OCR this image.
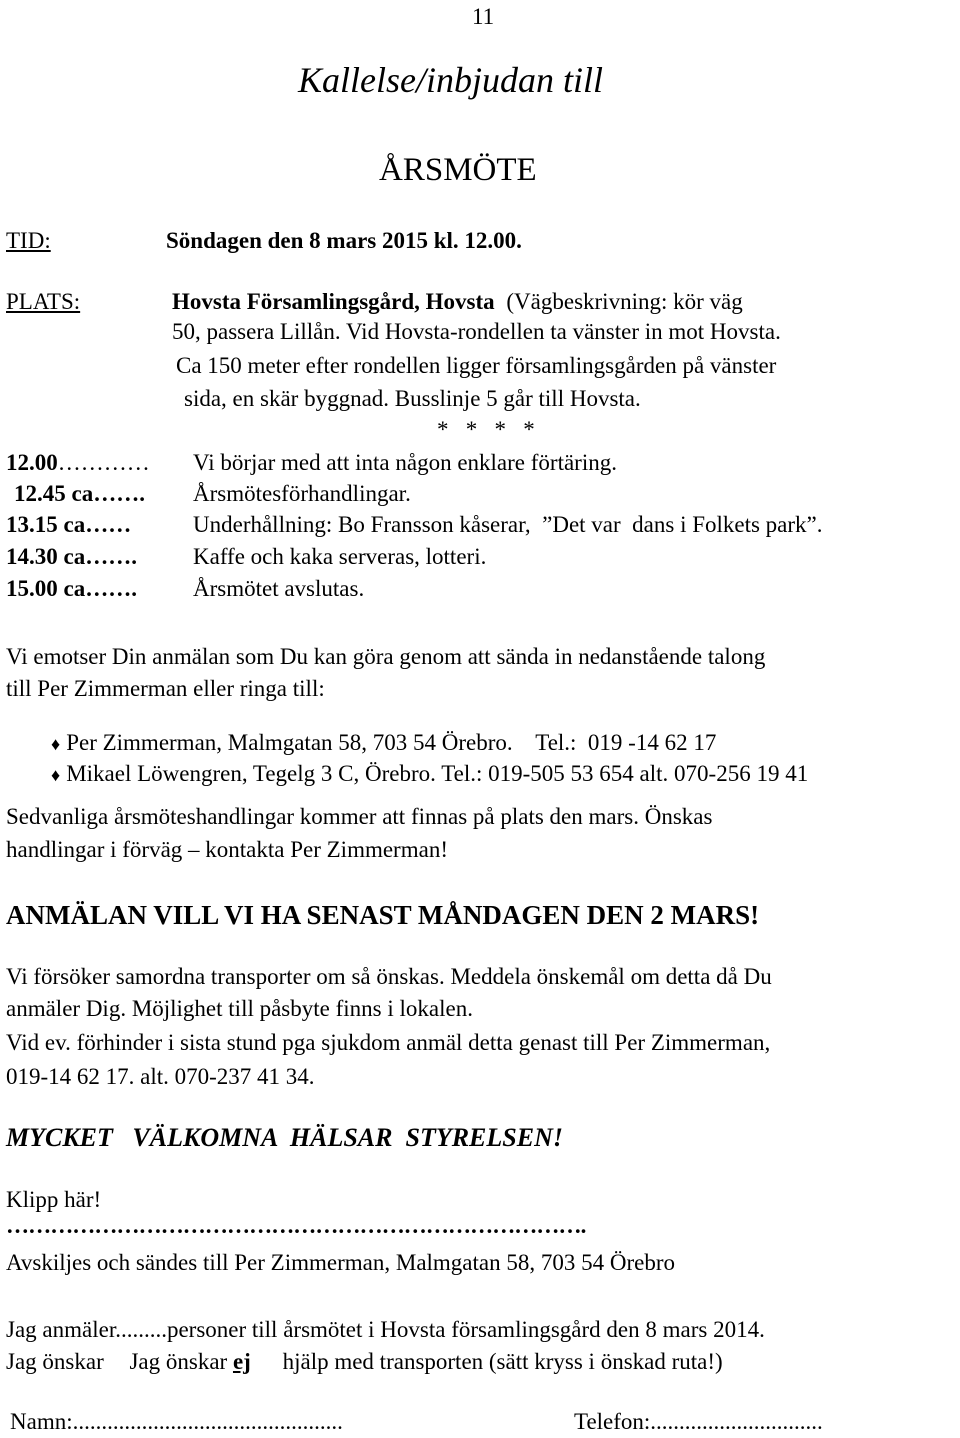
11
Kallelse/inbjudan till
ÅRSMÖTE
TID:	Söndagen den 8 mars 2015 kl. 12.00.
PLATS:	Hovsta Församlingsgård, Hovsta (Vägbeskrivning: kör väg
50, passera Lillån. Vid Hovsta-rondellen ta vänster in mot Hovsta.
Ca 150 meter efter rondellen ligger församlingsgården på vänster
sida, en skär byggnad. Busslinje 5 går till Hovsta.
*   *   *   *
12.00…………	Vi börjar med att inta någon enklare förtäring.
12.45 ca……. Årsmötesförhandlingar.
13.15 ca……	Underhållning: Bo Fransson kåserar,  ”Det var  dans i Folkets park”.
14.30 ca……. Kaffe och kaka serveras, lotteri.
15.00 ca……. Årsmötet avslutas.
Vi emotser Din anmälan som Du kan göra genom att sända in nedanstående talong
till Per Zimmerman eller ringa till:

♦ Per Zimmerman, Malmgatan 58, 703 54 Örebro.    Tel.:  019 -14 62 17

♦ Mikael Löwengren, Tegelg 3 C, Örebro. Tel.: 019-505 53 654 alt. 070-256 19 41

Sedvanliga årsmöteshandlingar kommer att finnas på plats den mars. Önskas
handlingar i förväg – kontakta Per Zimmerman!
ANMÄLAN VILL VI HA SENAST MÅNDAGEN DEN 2 MARS!
Vi försöker samordna transporter om så önskas. Meddela önskemål om detta då Du
anmäler Dig. Möjlighet till påsbyte finns i lokalen.
Vid ev. förhinder i sista stund pga sjukdom anmäl detta genast till Per Zimmerman,
019-14 62 17. alt. 070-237 41 34.
MYCKET   VÄLKOMNA  HÄLSAR  STYRELSEN!
Klipp här!
…………………………………………………………………….
Avskiljes och sändes till Per Zimmerman, Malmgatan 58, 703 54 Örebro
Jag anmäler.........personer till årsmötet i Hovsta församlingsgård den 8 mars 2014.
Jag önskar Jag önskar ej hjälp med transporten (sätt kryss i önskad ruta!)
Namn:...............................................	Telefon:..............................
